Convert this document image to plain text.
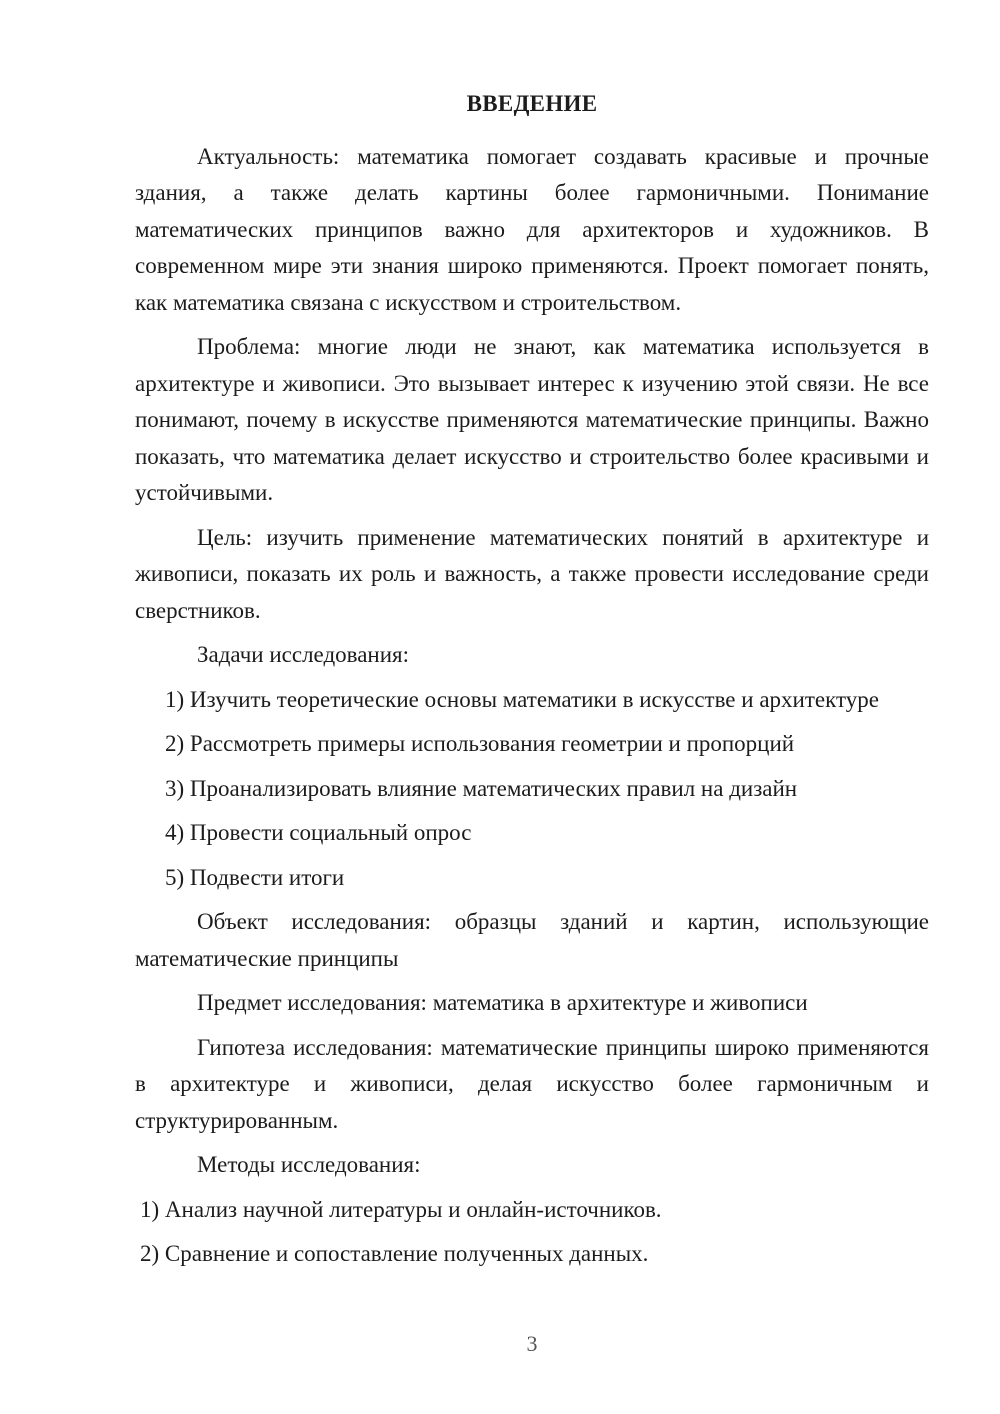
ВВЕДЕНИЕ

Актуальность: математика помогает создавать красивые и прочные здания, а также делать картины более гармоничными. Понимание математических принципов важно для архитекторов и художников. В современном мире эти знания широко применяются. Проект помогает понять, как математика связана с искусством и строительством.

Проблема: многие люди не знают, как математика используется в архитектуре и живописи. Это вызывает интерес к изучению этой связи. Не все понимают, почему в искусстве применяются математические принципы. Важно показать, что математика делает искусство и строительство более красивыми и устойчивыми.

Цель: изучить применение математических понятий в архитектуре и живописи, показать их роль и важность, а также провести исследование среди сверстников.

Задачи исследования:

1) Изучить теоретические основы математики в искусстве и архитектуре

2) Рассмотреть примеры использования геометрии и пропорций

3) Проанализировать влияние математических правил на дизайн

4) Провести социальный опрос

5) Подвести итоги

Объект исследования: образцы зданий и картин, использующие математические принципы

Предмет исследования: математика в архитектуре и живописи

Гипотеза исследования: математические принципы широко применяются в архитектуре и живописи, делая искусство более гармоничным и структурированным.

Методы исследования:

1) Анализ научной литературы и онлайн-источников.

2) Сравнение и сопоставление полученных данных.

3
